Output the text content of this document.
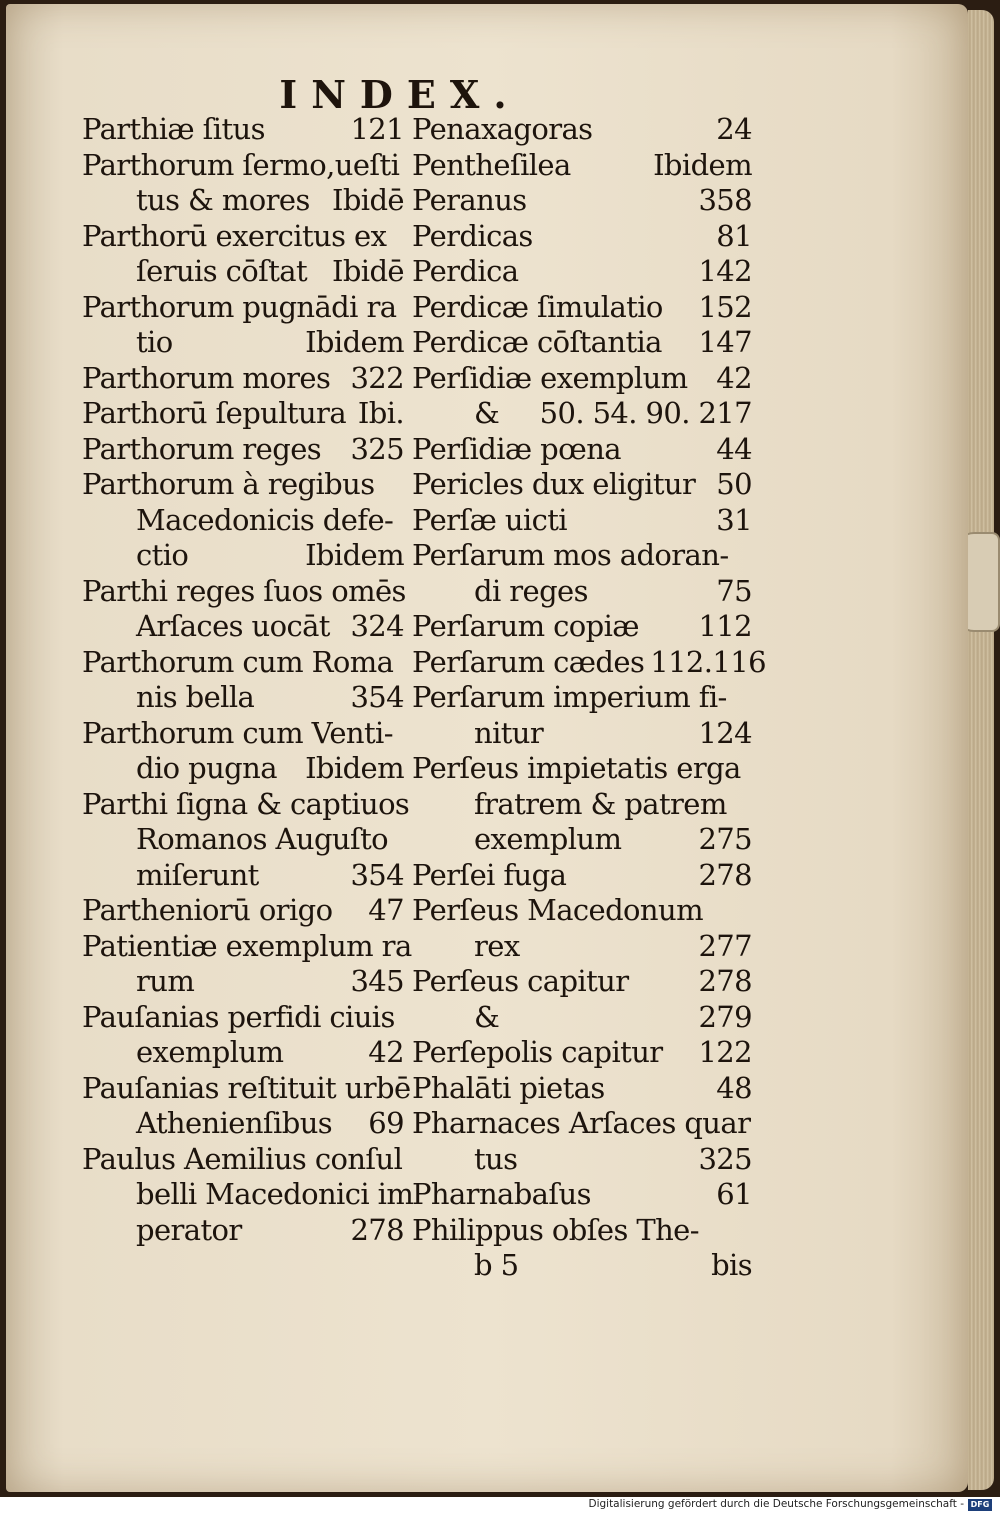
INDEX.
Parthiæ ſitus	121
Parthorum ſermo,ueſti
tus & mores Ibidē
Parthorū exercitus ex
ſeruis cōſtat Ibidē
Parthorum pugnādi ra
tio	Ibidem
Parthorum mores 322
Parthorū ſepultura Ibi.
Parthorum reges 325
Parthorum à regibus
Macedonicis defe-
ctio	Ibidem
Parthi reges ſuos omēs
Arſaces uocāt 324
Parthorum cum Roma
nis bella	354
Parthorum cum Venti-
dio pugna Ibidem
Parthi ſigna & captiuos
Romanos Auguſto
miſerunt	354
Partheniorū origo 47
Patientiæ exemplum ra
rum	345
Pauſanias perfidi ciuis
exemplum	42
Pauſanias reſtituit urbē
Athenienſibus 69
Paulus Aemilius conſul
belli Macedonici im
perator	278
Penaxagoras	24
Pentheſilea	Ibidem
Peranus	358
Perdicas	81
Perdica	142
Perdicæ ſimulatio 152
Perdicæ cōſtantia 147
Perſidiæ exemplum 42
& 50. 54. 90. 217
Perſidiæ pœna	44
Pericles dux eligitur 50
Perſæ uicti	31
Perſarum mos adoran-
di reges	75
Perſarum copiæ 112
Perſarum cædes 112.116
Perſarum imperium fi-
nitur	124
Perſeus impietatis erga
fratrem & patrem
exemplum	275
Perſei fuga	278
Perſeus Macedonum
rex	277
Perſeus capitur 278
&	279
Perſepolis capitur 122
Phalāti pietas	48
Pharnaces Arſaces quar
tus	325
Pharnabaſus	61
Philippus obſes The-
b 5	bis
Digitalisierung gefördert durch die Deutsche Forschungsgemeinschaft - DFG
